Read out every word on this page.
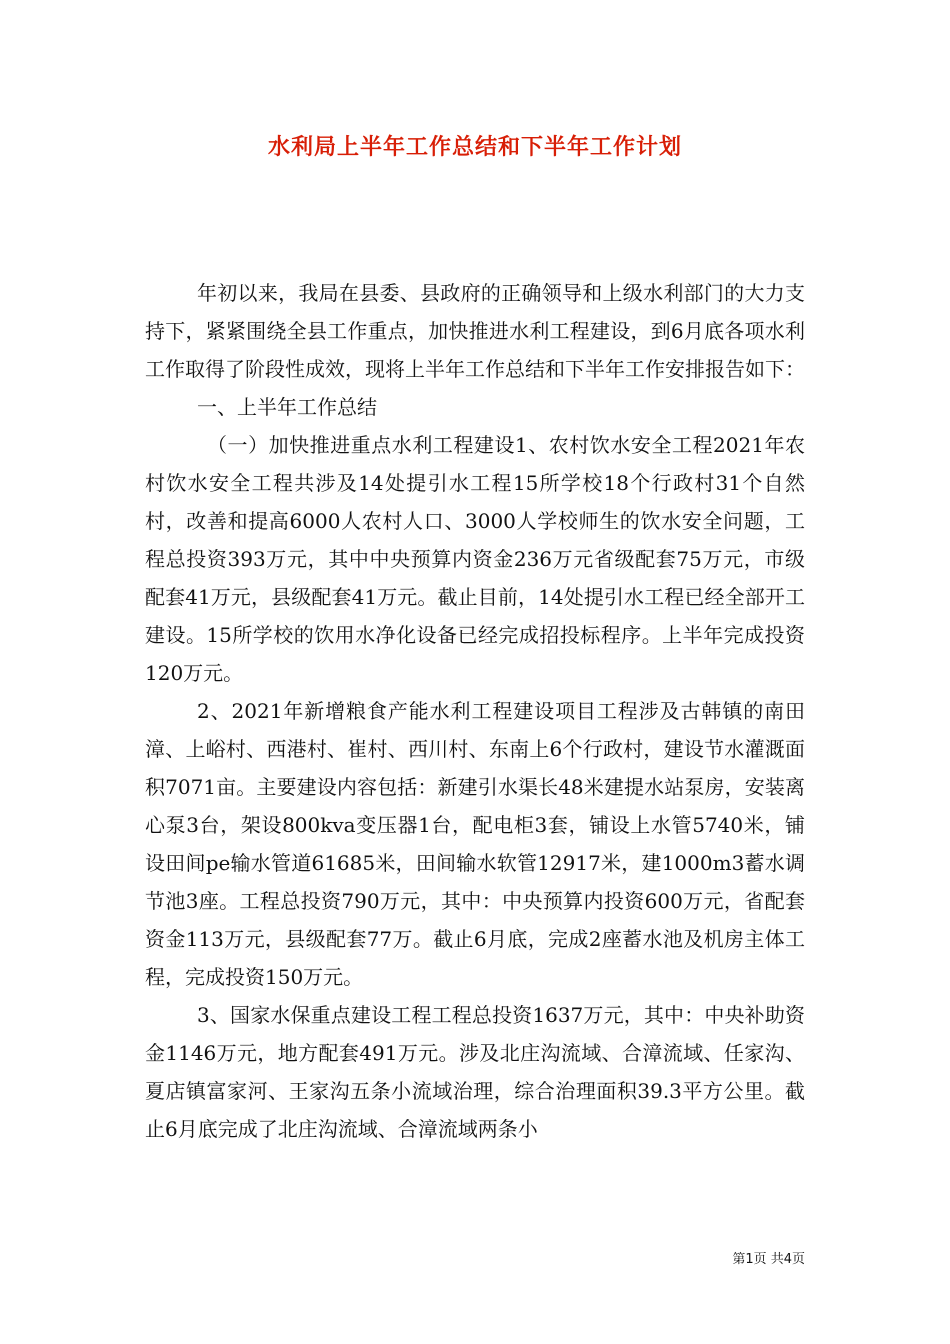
水利局上半年工作总结和下半年工作计划

年初以来，我局在县委、县政府的正确领导和上级水利部门的大力支持下，紧紧围绕全县工作重点，加快推进水利工程建设，到6月底各项水利工作取得了阶段性成效，现将上半年工作总结和下半年工作安排报告如下：

一、上半年工作总结

（一）加快推进重点水利工程建设1、农村饮水安全工程2021年农村饮水安全工程共涉及14处提引水工程15所学校18个行政村31个自然村，改善和提高6000人农村人口、3000人学校师生的饮水安全问题，工程总投资393万元，其中中央预算内资金236万元省级配套75万元，市级配套41万元，县级配套41万元。截止目前，14处提引水工程已经全部开工建设。15所学校的饮用水净化设备已经完成招投标程序。上半年完成投资120万元。

2、2021年新增粮食产能水利工程建设项目工程涉及古韩镇的南田漳、上峪村、西港村、崔村、西川村、东南上6个行政村，建设节水灌溉面积7071亩。主要建设内容包括：新建引水渠长48米建提水站泵房，安装离心泵3台，架设800kva变压器1台，配电柜3套，铺设上水管5740米，铺设田间pe输水管道61685米，田间输水软管12917米，建1000m3蓄水调节池3座。工程总投资790万元，其中：中央预算内投资600万元，省配套资金113万元，县级配套77万。截止6月底，完成2座蓄水池及机房主体工程，完成投资150万元。

3、国家水保重点建设工程工程总投资1637万元，其中：中央补助资金1146万元，地方配套491万元。涉及北庄沟流域、合漳流域、任家沟、夏店镇富家河、王家沟五条小流域治理，综合治理面积39.3平方公里。截止6月底完成了北庄沟流域、合漳流域两条小

第1页 共4页
